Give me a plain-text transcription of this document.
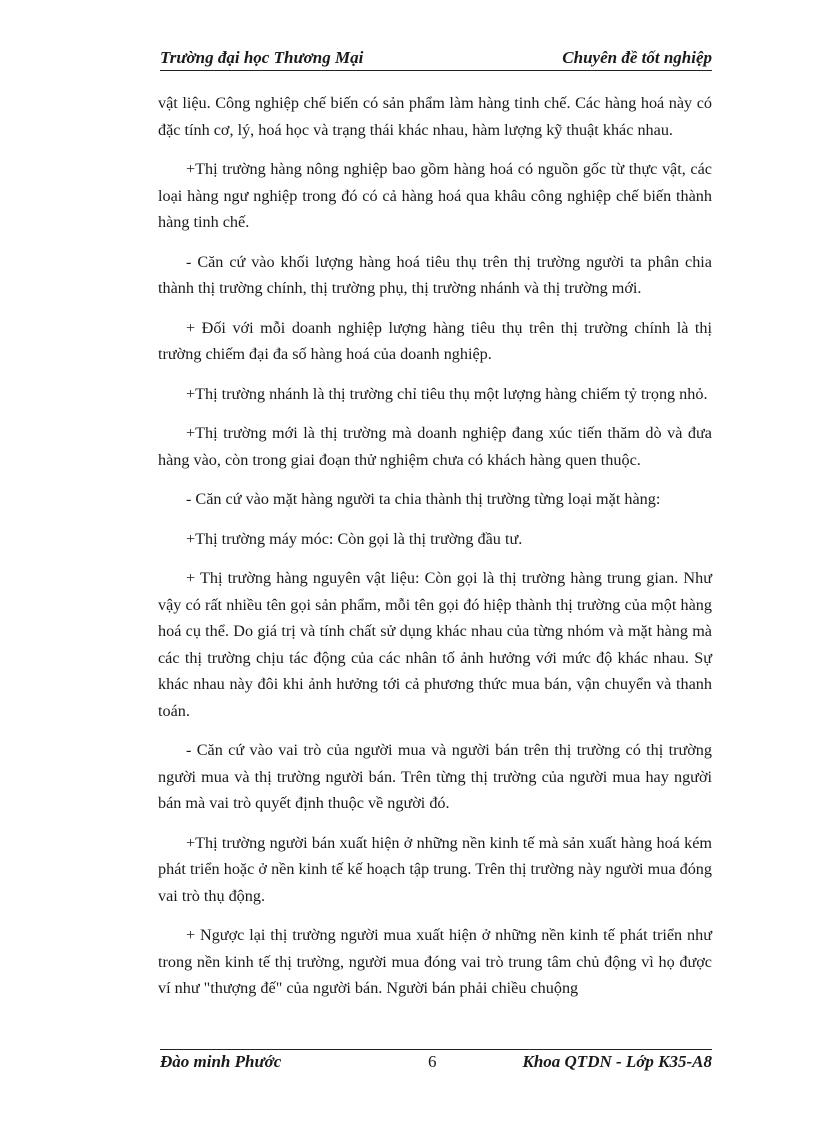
Trường đại học Thương Mại	Chuyên đề tốt nghiệp

vật liệu. Công nghiệp chế biến có sản phẩm làm hàng tinh chế. Các hàng hoá này có đặc tính cơ, lý, hoá học và trạng thái khác nhau, hàm lượng kỹ thuật khác nhau.

+Thị trường hàng nông nghiệp bao gồm hàng hoá có nguồn gốc từ thực vật, các loại hàng ngư nghiệp trong đó có cả hàng hoá qua khâu công nghiệp chế biến thành hàng tinh chế.

- Căn cứ vào khối lượng hàng hoá tiêu thụ trên thị trường người ta phân chia thành thị trường chính, thị trường phụ, thị trường nhánh và thị trường mới.

+ Đối với mỗi doanh nghiệp lượng hàng tiêu thụ trên thị trường chính là thị trường chiếm đại đa số hàng hoá của doanh nghiệp.

+Thị trường nhánh là thị trường chỉ tiêu thụ một lượng hàng chiếm tỷ trọng nhỏ.

+Thị trường mới là thị trường mà doanh nghiệp đang xúc tiến thăm dò và đưa hàng vào, còn trong giai đoạn thử nghiệm chưa có khách hàng quen thuộc.

- Căn cứ vào mặt hàng người ta chia thành thị trường từng loại mặt hàng:

+Thị trường máy móc: Còn gọi là thị trường đầu tư.

+ Thị trường hàng nguyên vật liệu: Còn gọi là thị trường hàng trung gian. Như vậy có rất nhiều tên gọi sản phẩm, mỗi tên gọi đó hiệp thành thị trường của một hàng hoá cụ thể. Do giá trị và tính chất sử dụng khác nhau của từng nhóm và mặt hàng mà các thị trường chịu tác động của các nhân tố ảnh hưởng với mức độ khác nhau. Sự khác nhau này đôi khi ảnh hưởng tới cả phương thức mua bán, vận chuyển và thanh toán.

- Căn cứ vào vai trò của người mua và người bán trên thị trường có thị trường người mua và thị trường người bán. Trên từng thị trường của người mua hay người bán mà vai trò quyết định thuộc về người đó.

+Thị trường người bán xuất hiện ở những nền kinh tế mà sản xuất hàng hoá kém phát triển hoặc ở nền kinh tế kế hoạch tập trung. Trên thị trường này người mua đóng vai trò thụ động.

+ Ngược lại thị trường người mua xuất hiện ở những nền kinh tế phát triển như trong nền kinh tế thị trường, người mua đóng vai trò trung tâm chủ động vì họ được ví như "thượng đế" của người bán. Người bán phải chiều chuộng

Đào minh Phước	6	Khoa QTDN - Lớp K35-A8
